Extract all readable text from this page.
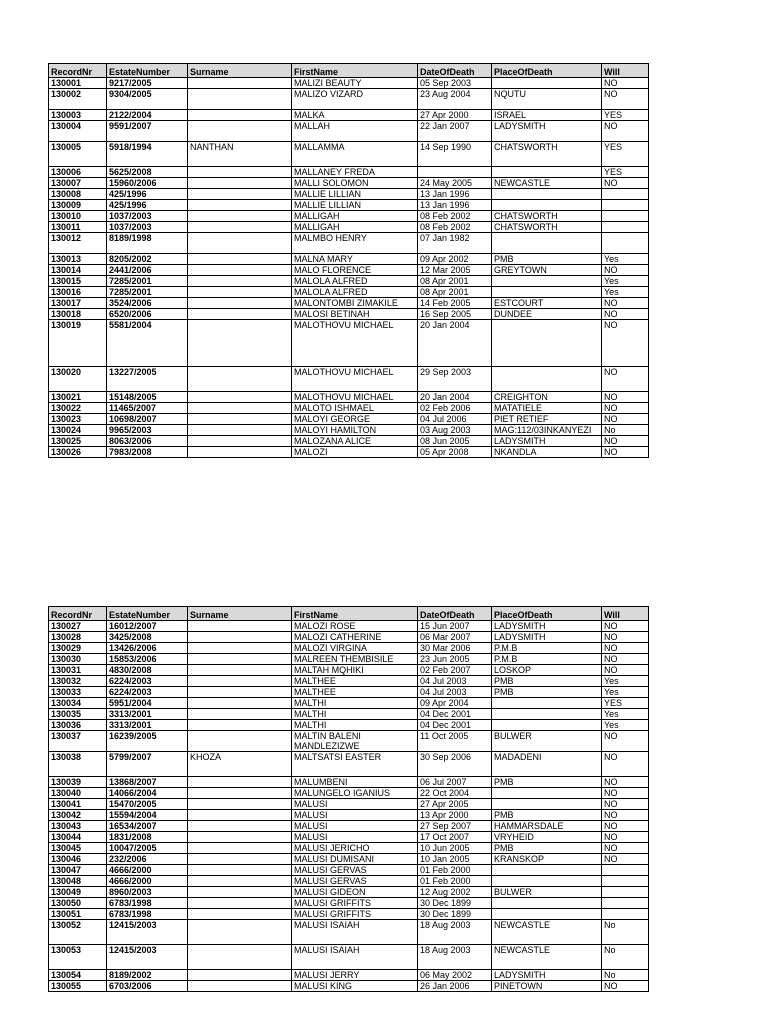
RecordNr	EstateNumber	Surname	FirstName	DateOfDeath	PlaceOfDeath	Will
130001	9217/2005		MALIZI BEAUTY	05 Sep 2003		NO
130002	9304/2005		MALIZO VIZARD	23 Aug 2004	NQUTU	NO
130003	2122/2004		MALKA	27 Apr 2000	ISRAEL	YES
130004	9591/2007		MALLAH	22 Jan 2007	LADYSMITH	NO
130005	5918/1994	NANTHAN	MALLAMMA	14 Sep 1990	CHATSWORTH	YES
130006	5625/2008		MALLANEY FREDA			YES
130007	15960/2006		MALLI SOLOMON	24 May 2005	NEWCASTLE	NO
130008	425/1996		MALLIE LILLIAN	13 Jan 1996		
130009	425/1996		MALLIE LILLIAN	13 Jan 1996		
130010	1037/2003		MALLIGAH	08 Feb 2002	CHATSWORTH	
130011	1037/2003		MALLIGAH	08 Feb 2002	CHATSWORTH	
130012	8189/1998		MALMBO HENRY	07 Jan 1982		
130013	8205/2002		MALNA MARY	09 Apr 2002	PMB	Yes
130014	2441/2006		MALO FLORENCE	12 Mar 2005	GREYTOWN	NO
130015	7285/2001		MALOLA ALFRED	08 Apr 2001		Yes
130016	7285/2001		MALOLA ALFRED	08 Apr 2001		Yes
130017	3524/2006		MALONTOMBI ZIMAKILE	14 Feb 2005	ESTCOURT	NO
130018	6520/2006		MALOSI BETINAH	16 Sep 2005	DUNDEE	NO
130019	5581/2004		MALOTHOVU MICHAEL	20 Jan 2004		NO
130020	13227/2005		MALOTHOVU MICHAEL	29 Sep 2003		NO
130021	15148/2005		MALOTHOVU MICHAEL	20 Jan 2004	CREIGHTON	NO
130022	11465/2007		MALOTO ISHMAEL	02 Feb 2006	MATATIELE	NO
130023	10698/2007		MALOYI GEORGE	04 Jul 2006	PIET RETIEF	NO
130024	9965/2003		MALOYI HAMILTON	03 Aug 2003	MAG:112/03INKANYEZI	No
130025	8063/2006		MALOZANA ALICE	08 Jun 2005	LADYSMITH	NO
130026	7983/2008		MALOZI	05 Apr 2008	NKANDLA	NO
RecordNr	EstateNumber	Surname	FirstName	DateOfDeath	PlaceOfDeath	Will
130027	16012/2007		MALOZI ROSE	15 Jun 2007	LADYSMITH	NO
130028	3425/2008		MALOZI CATHERINE	06 Mar 2007	LADYSMITH	NO
130029	13426/2006		MALOZI VIRGINA	30 Mar 2006	P.M.B	NO
130030	15853/2006		MALREEN THEMBISILE	23 Jun 2005	P.M.B	NO
130031	4830/2008		MALTAH MQHIKI	02 Feb 2007	LOSKOP	NO
130032	6224/2003		MALTHEE	04 Jul 2003	PMB	Yes
130033	6224/2003		MALTHEE	04 Jul 2003	PMB	Yes
130034	5951/2004		MALTHI	09 Apr 2004		YES
130035	3313/2001		MALTHI	04 Dec 2001		Yes
130036	3313/2001		MALTHI	04 Dec 2001		Yes
130037	16239/2005		MALTIN BALENI MANDLEZIZWE	11 Oct 2005	BULWER	NO
130038	5799/2007	KHOZA	MALTSATSI EASTER	30 Sep 2006	MADADENI	NO
130039	13868/2007		MALUMBENI	06 Jul 2007	PMB	NO
130040	14066/2004		MALUNGELO IGANIUS	22 Oct 2004		NO
130041	15470/2005		MALUSI	27 Apr 2005		NO
130042	15594/2004		MALUSI	13 Apr 2000	PMB	NO
130043	16534/2007		MALUSI	27 Sep 2007	HAMMARSDALE	NO
130044	1831/2008		MALUSI	17 Oct 2007	VRYHEID	NO
130045	10047/2005		MALUSI JERICHO	10 Jun 2005	PMB	NO
130046	232/2006		MALUSI DUMISANI	10 Jan 2005	KRANSKOP	NO
130047	4666/2000		MALUSI GERVAS	01 Feb 2000		
130048	4666/2000		MALUSI GERVAS	01 Feb 2000		
130049	8960/2003		MALUSI GIDEON	12 Aug 2002	BULWER	
130050	6783/1998		MALUSI GRIFFITS	30 Dec 1899		
130051	6783/1998		MALUSI GRIFFITS	30 Dec 1899		
130052	12415/2003		MALUSI ISAIAH	18 Aug 2003	NEWCASTLE	No
130053	12415/2003		MALUSI ISAIAH	18 Aug 2003	NEWCASTLE	No
130054	8189/2002		MALUSI JERRY	06 May 2002	LADYSMITH	No
130055	6703/2006		MALUSI KING	26 Jan 2006	PINETOWN	NO
